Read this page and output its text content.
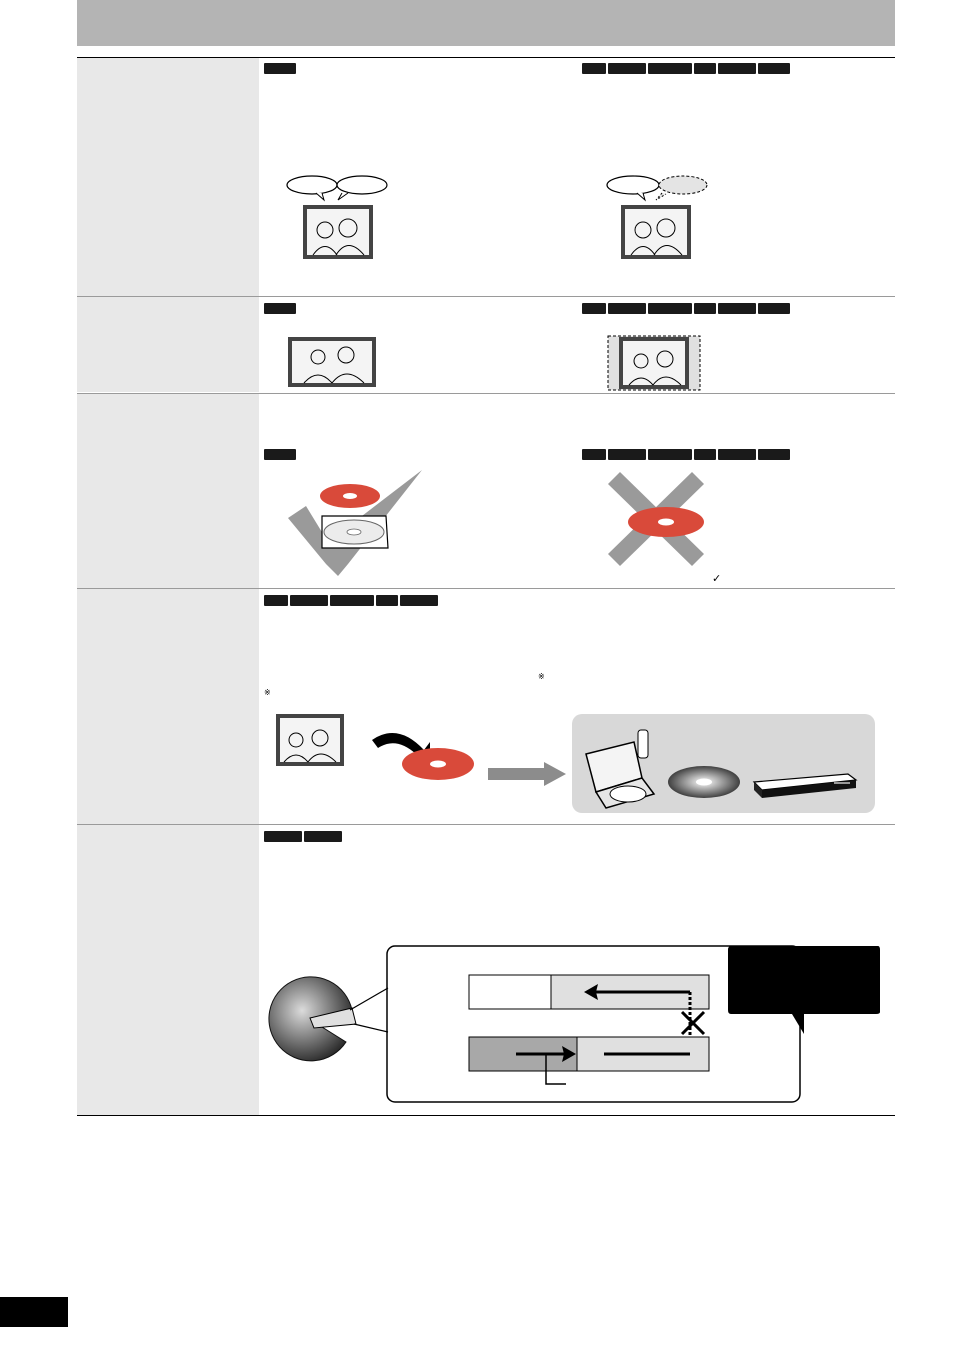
✓
※
※
